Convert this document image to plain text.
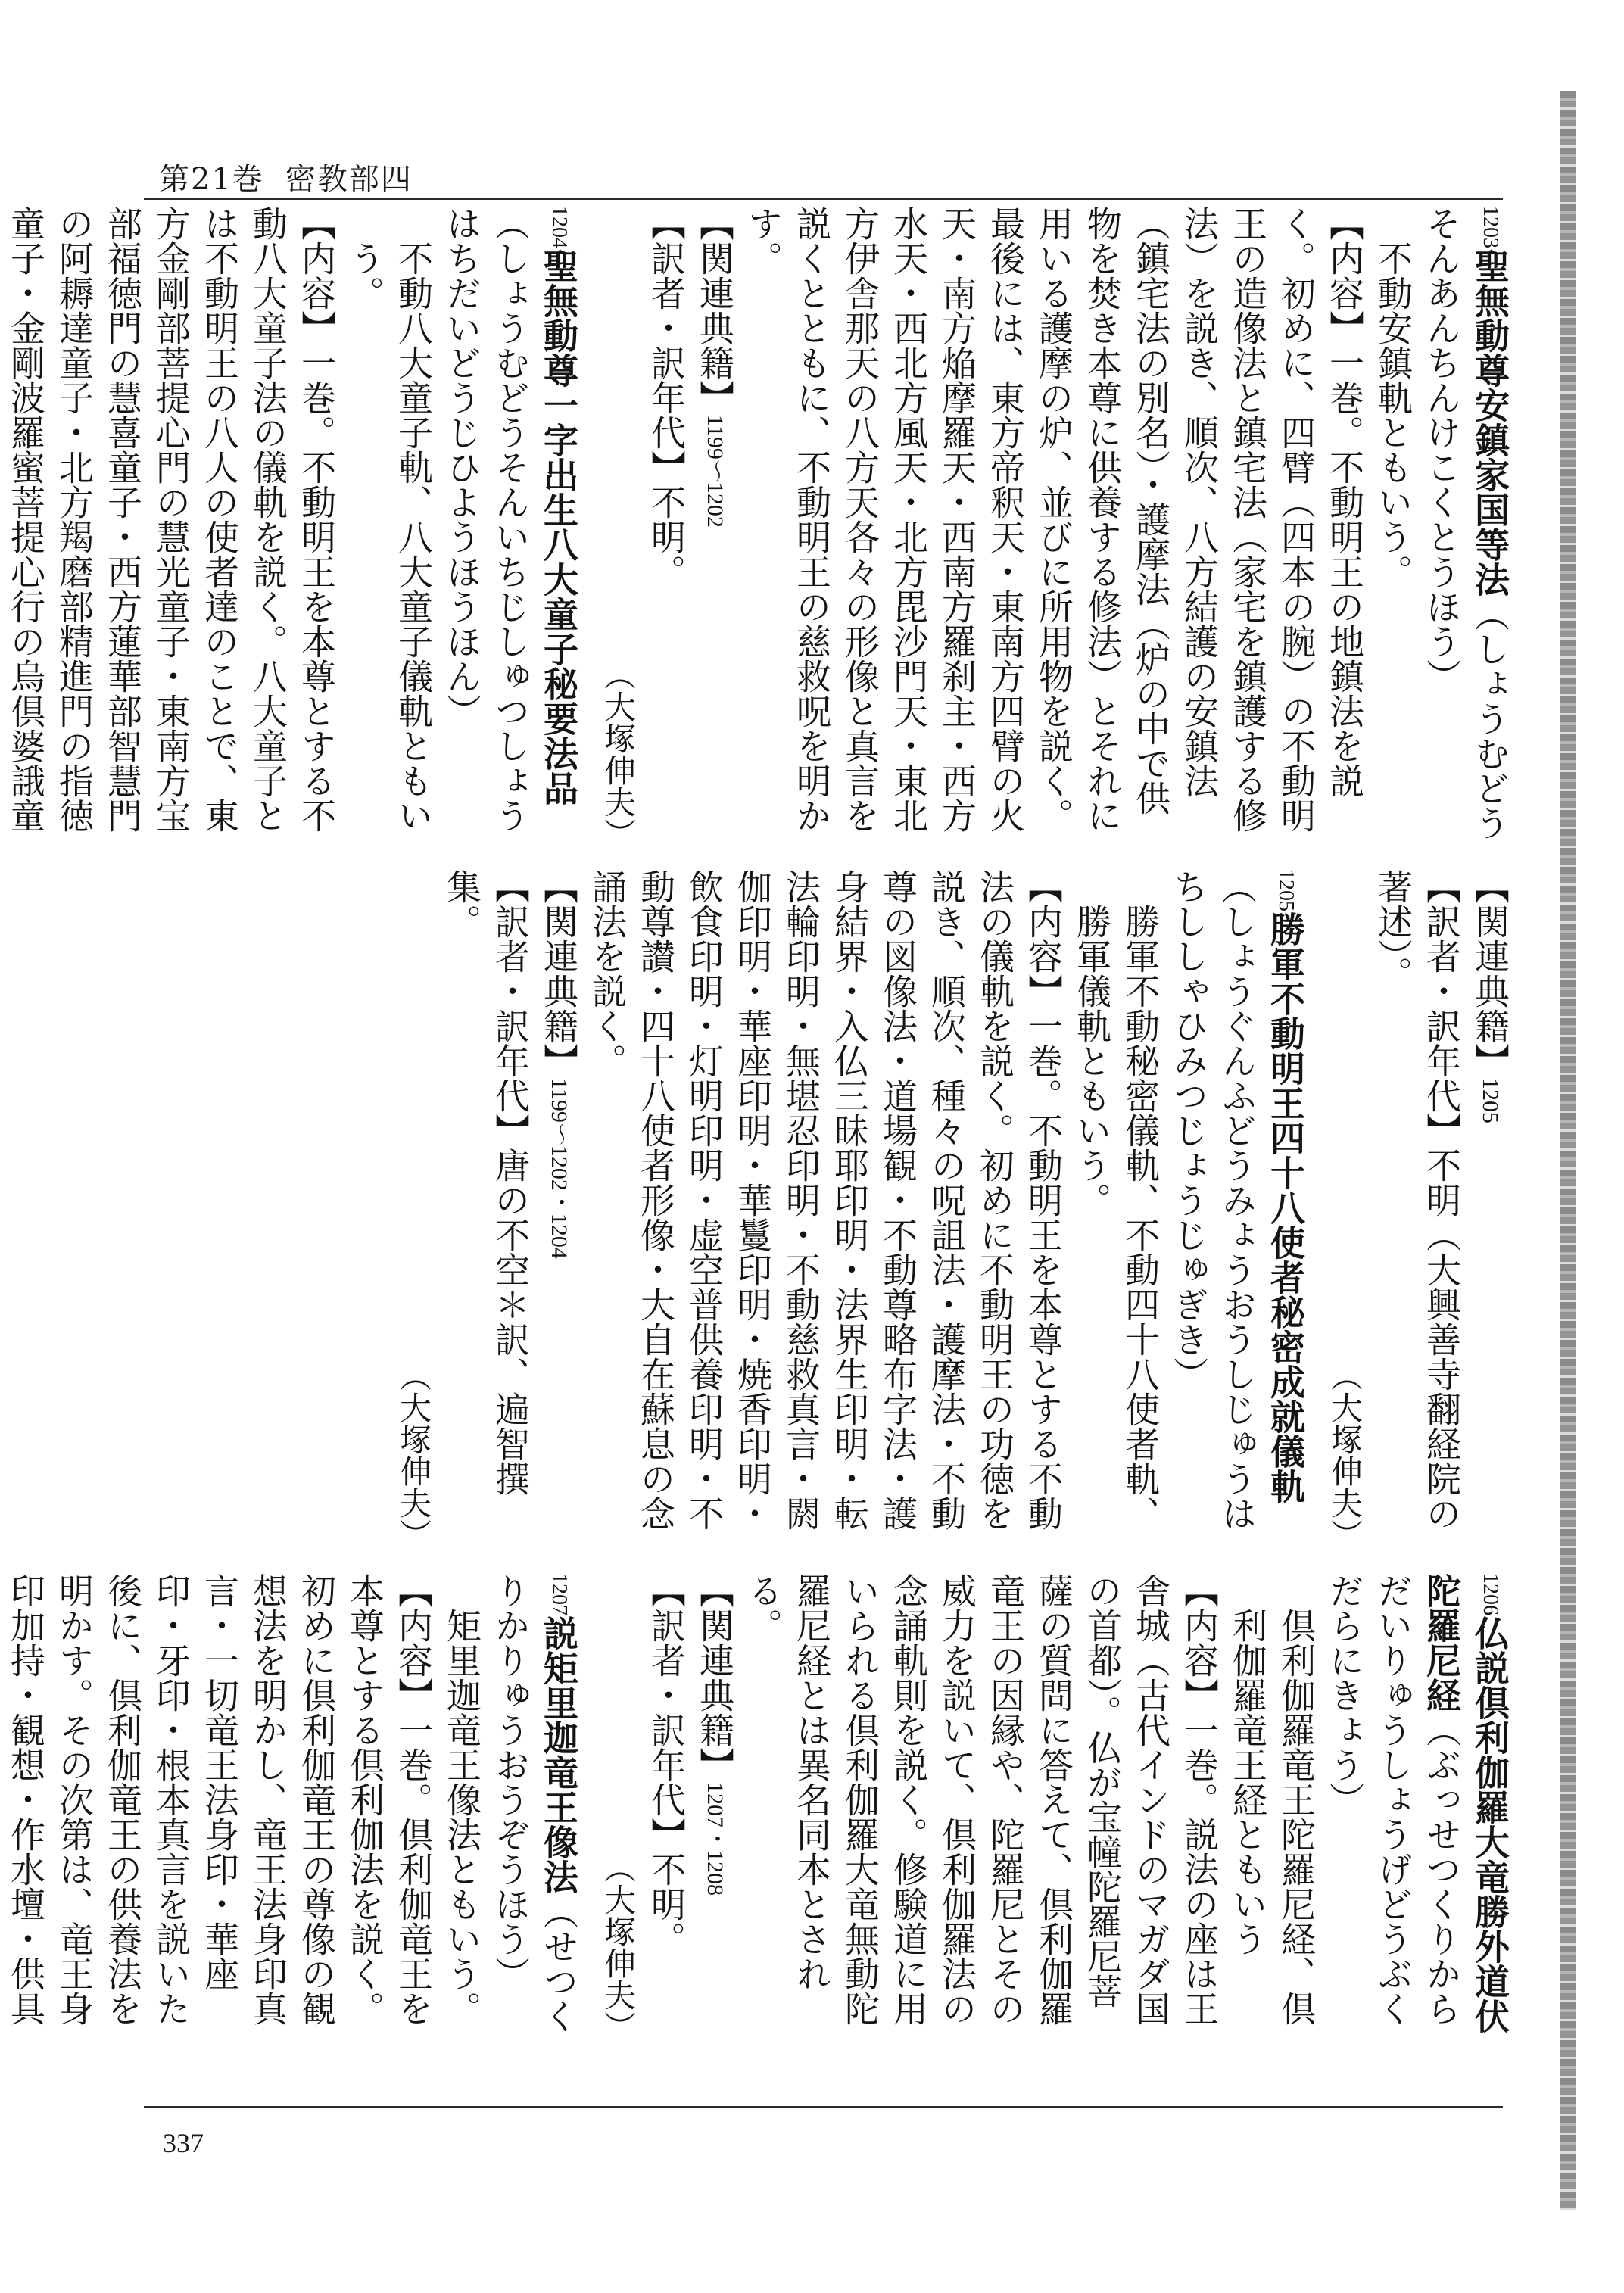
第21巻 密教部四

1203聖無動尊安鎮家国等法（しょうむどうそんあんちんけこくとうほう）

不動安鎮軌ともいう。

【内容】一巻。不動明王の地鎮法を説く。初めに、四臂（四本の腕）の不動明王の造像法と鎮宅法（家宅を鎮護する修法）を説き、順次、八方結護の安鎮法（鎮宅法の別名）・護摩法（炉の中で供物を焚き本尊に供養する修法）とそれに用いる護摩の炉、並びに所用物を説く。最後には、東方帝釈天・東南方四臂の火天・南方焔摩羅天・西南方羅刹主・西方水天・西北方風天・北方毘沙門天・東北方伊舎那天の八方天各々の形像と真言を説くとともに、不動明王の慈救呪を明かす。

【関連典籍】1199～1202

【訳者・訳年代】不明。

（大塚伸夫）

1204聖無動尊一字出生八大童子秘要法品（しょうむどうそんいちじしゅつしょうはちだいどうじひようほうほん）

不動八大童子軌、八大童子儀軌ともいう。

【内容】一巻。不動明王を本尊とする不動八大童子法の儀軌を説く。八大童子とは不動明王の八人の使者達のことで、東方金剛部菩提心門の慧光童子・東南方宝部福徳門の慧喜童子・西方蓮華部智慧門の阿耨達童子・北方羯磨部精進門の指徳童子・金剛波羅蜜菩提心行の烏倶婆誐童

【関連典籍】1205

【訳者・訳年代】不明（大興善寺翻経院の著述）。

（大塚伸夫）

1205勝軍不動明王四十八使者秘密成就儀軌（しょうぐんふどうみょうおうしじゅうはちししゃひみつじょうじゅぎき）

勝軍不動秘密儀軌、不動四十八使者軌、勝軍儀軌ともいう。

【内容】一巻。不動明王を本尊とする不動法の儀軌を説く。初めに不動明王の功徳を説き、順次、種々の呪詛法・護摩法・不動尊の図像法・道場観・不動尊略布字法・護身結界・入仏三昧耶印明・法界生印明・転法輪印明・無堪忍印明・不動慈救真言・閼伽印明・華座印明・華鬘印明・焼香印明・飲食印明・灯明印明・虚空普供養印明・不動尊讃・四十八使者形像・大自在蘇息の念誦法を説く。

【関連典籍】1199～1202・1204

【訳者・訳年代】唐の不空＊訳、遍智撰集。

（大塚伸夫）

1206仏説倶利伽羅大竜勝外道伏陀羅尼経（ぶっせつくりからだいりゅうしょうげどうぶくだらにきょう）

倶利伽羅竜王陀羅尼経、倶利伽羅竜王経ともいう

【内容】一巻。説法の座は王舎城（古代インドのマガダ国の首都）。仏が宝幢陀羅尼菩薩の質問に答えて、倶利伽羅竜王の因縁や、陀羅尼とその威力を説いて、倶利伽羅法の念誦軌則を説く。修験道に用いられる倶利伽羅大竜無動陀羅尼経とは異名同本とされる。

【関連典籍】1207・1208

【訳者・訳年代】不明。

（大塚伸夫）

1207説矩里迦竜王像法（せつくりかりゅうおうぞうほう）

矩里迦竜王像法ともいう。

【内容】一巻。倶利伽竜王を本尊とする倶利伽法を説く。初めに倶利伽竜王の尊像の観想法を明かし、竜王法身印真言・一切竜王法身印・華座印・牙印・根本真言を説いた後に、倶利伽竜王の供養法を明かす。その次第は、竜王身印加持・観想・作水壇・供具

337
